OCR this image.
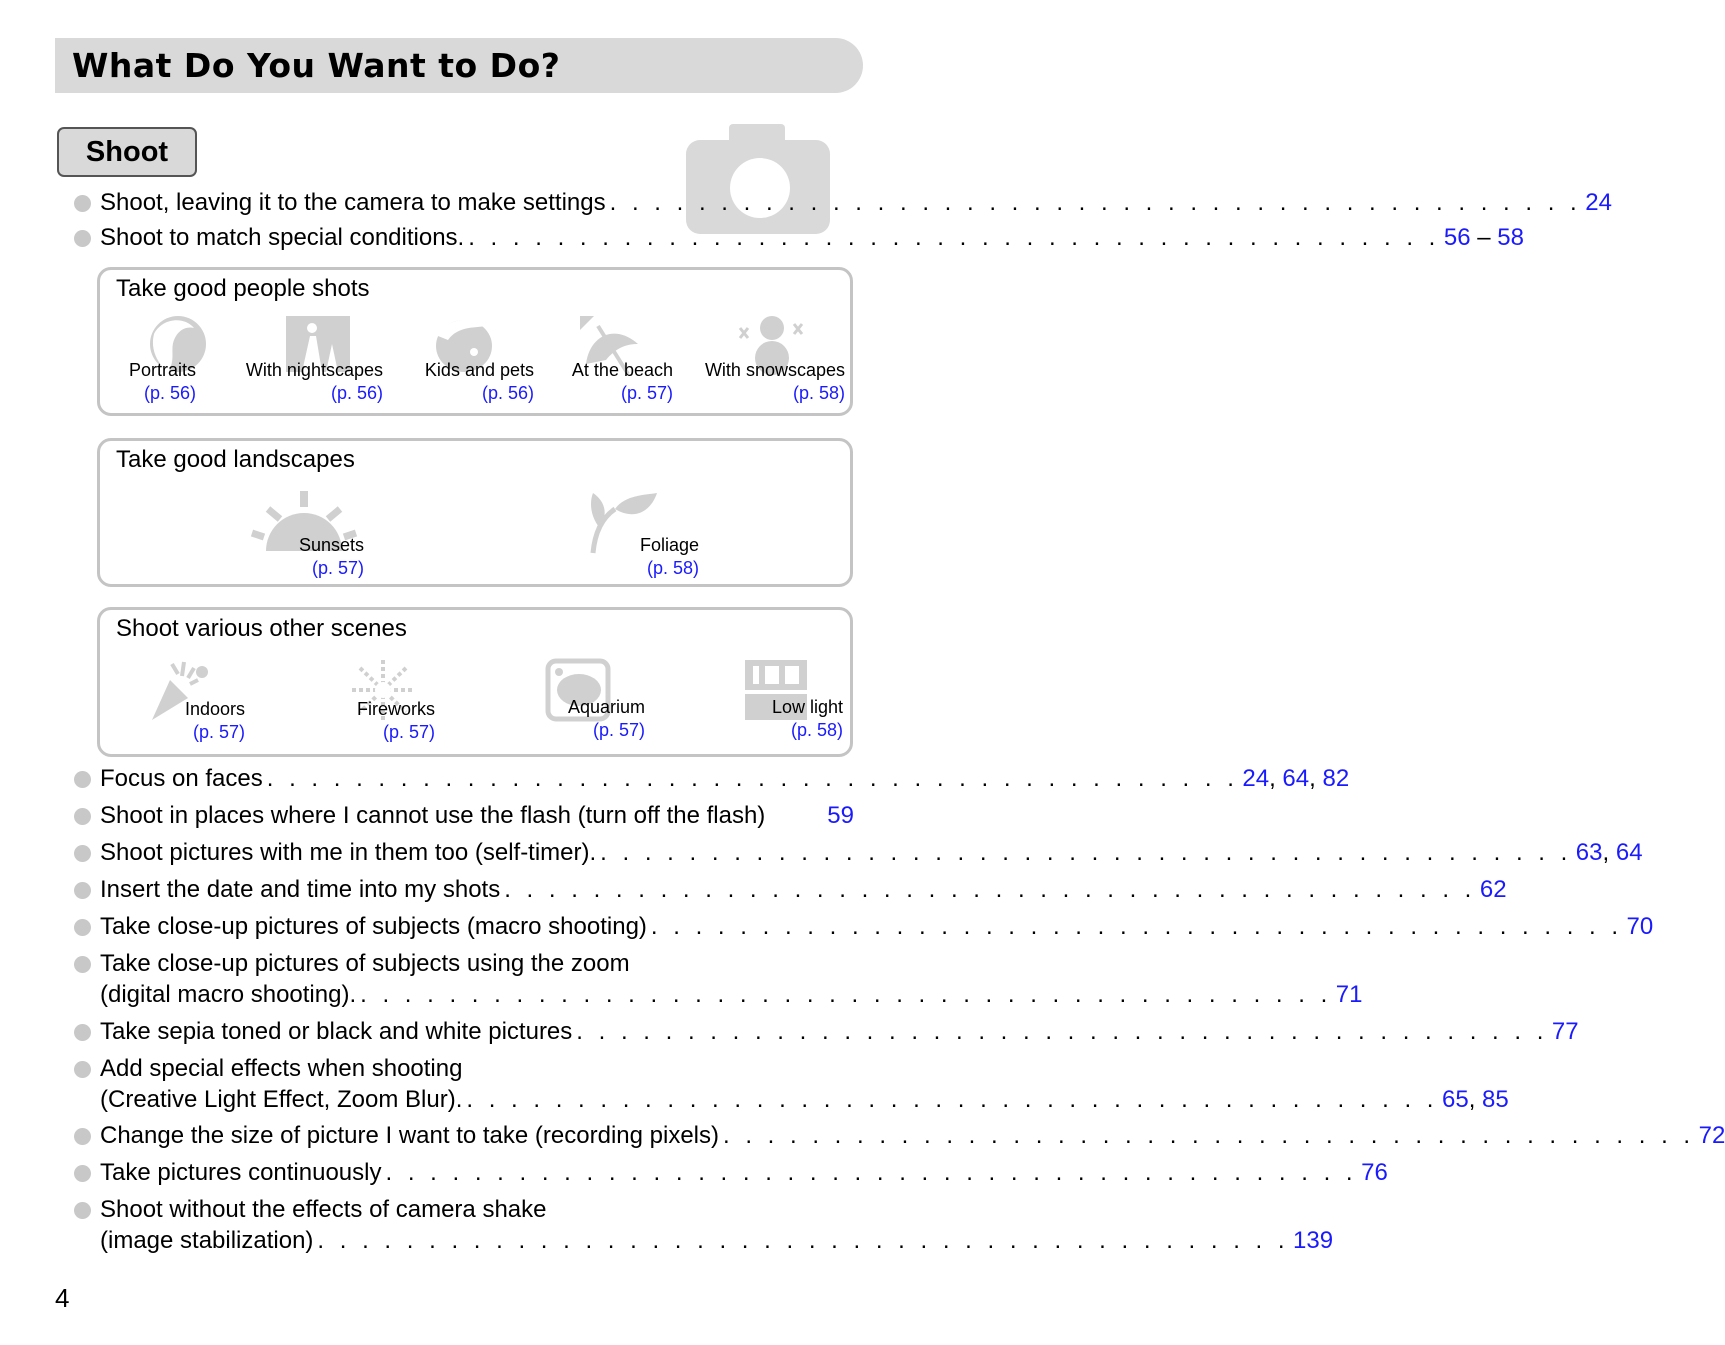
What Do You Want to Do?
Shoot
Shoot, leaving it to the camera to make settings . . . . . . . . . . . . . . . . . . . . . . . . . . . . . . . . . . . . . . . . . . . . 24
Shoot to match special conditions. . . . . . . . . . . . . . . . . . . . . . . . . . . . . . . . . . . . . . . . . . . . . 56 – 58
Take good people shots
Portraits
(p. 56)
With nightscapes
(p. 56)
Kids and pets
(p. 56)
At the beach
(p. 57)
With snowscapes
(p. 58)
Take good landscapes
Sunsets
(p. 57)
Foliage
(p. 58)
Shoot various other scenes
Indoors
(p. 57)
Fireworks
(p. 57)
Aquarium
(p. 57)
Low light
(p. 58)
Focus on faces . . . . . . . . . . . . . . . . . . . . . . . . . . . . . . . . . . . . . . . . . . . . 24, 64, 82
Shoot in places where I cannot use the flash (turn off the flash)	59
Shoot pictures with me in them too (self-timer). . . . . . . . . . . . . . . . . . . . . . . . . . . . . . . . . . . . . . . . . . . . . 63, 64
Insert the date and time into my shots . . . . . . . . . . . . . . . . . . . . . . . . . . . . . . . . . . . . . . . . . . . . 62
Take close-up pictures of subjects (macro shooting) . . . . . . . . . . . . . . . . . . . . . . . . . . . . . . . . . . . . . . . . . . . . 70
Take close-up pictures of subjects using the zoom
(digital macro shooting). . . . . . . . . . . . . . . . . . . . . . . . . . . . . . . . . . . . . . . . . . . . . 71
Take sepia toned or black and white pictures . . . . . . . . . . . . . . . . . . . . . . . . . . . . . . . . . . . . . . . . . . . . 77
Add special effects when shooting
(Creative Light Effect, Zoom Blur). . . . . . . . . . . . . . . . . . . . . . . . . . . . . . . . . . . . . . . . . . . . . 65, 85
Change the size of picture I want to take (recording pixels) . . . . . . . . . . . . . . . . . . . . . . . . . . . . . . . . . . . . . . . . . . . . 72
Take pictures continuously . . . . . . . . . . . . . . . . . . . . . . . . . . . . . . . . . . . . . . . . . . . . 76
Shoot without the effects of camera shake
(image stabilization) . . . . . . . . . . . . . . . . . . . . . . . . . . . . . . . . . . . . . . . . . . . . 139
4
